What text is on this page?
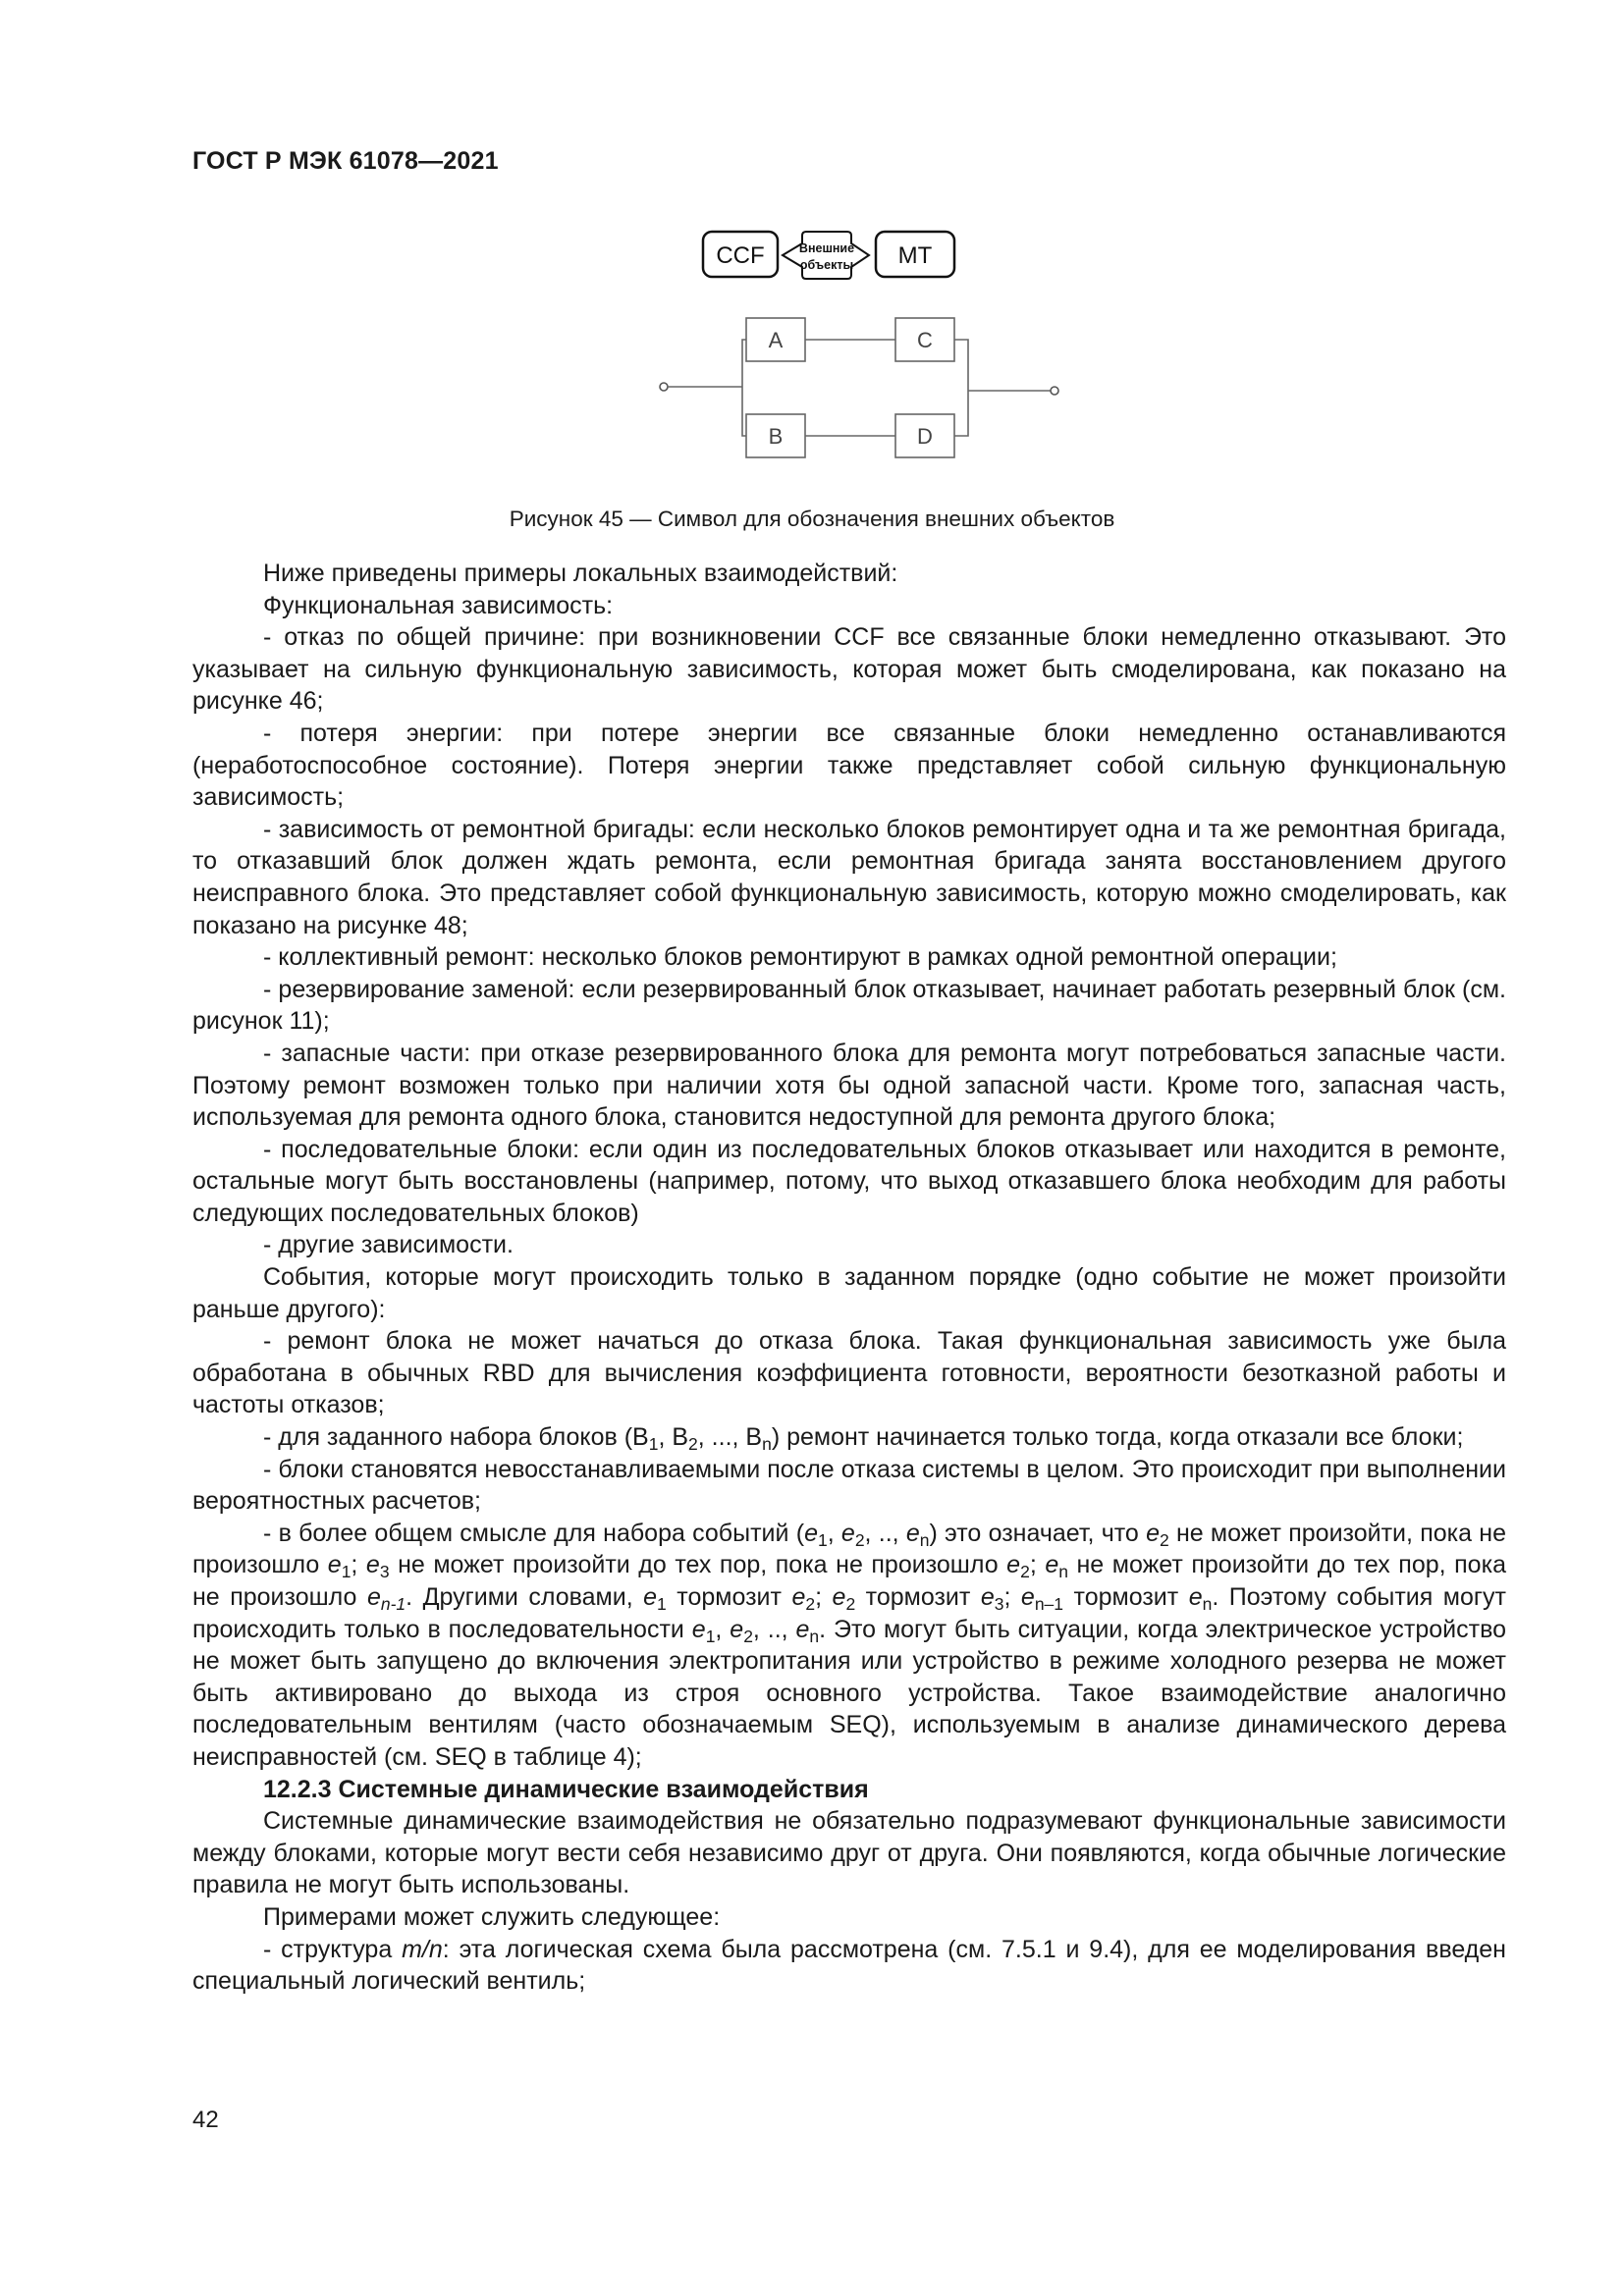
ГОСТ Р МЭК 61078—2021

CCF	Внешние
объекты MT
A	C
B	D

Рисунок 45 — Символ для обозначения внешних объектов

Ниже приведены примеры локальных взаимодействий:

Функциональная зависимость:

- отказ по общей причине: при возникновении CCF все связанные блоки немедленно отказывают. Это указывает на сильную функциональную зависимость, которая может быть смоделирована, как показано на рисунке 46;

- потеря энергии: при потере энергии все связанные блоки немедленно останавливаются (неработоспособное состояние). Потеря энергии также представляет собой сильную функциональную зависимость;

- зависимость от ремонтной бригады: если несколько блоков ремонтирует одна и та же ремонтная бригада, то отказавший блок должен ждать ремонта, если ремонтная бригада занята восстановлением другого неисправного блока. Это представляет собой функциональную зависимость, которую можно смоделировать, как показано на рисунке 48;

- коллективный ремонт: несколько блоков ремонтируют в рамках одной ремонтной операции;

- резервирование заменой: если резервированный блок отказывает, начинает работать резервный блок (см. рисунок 11);

- запасные части: при отказе резервированного блока для ремонта могут потребоваться запасные части. Поэтому ремонт возможен только при наличии хотя бы одной запасной части. Кроме того, запасная часть, используемая для ремонта одного блока, становится недоступной для ремонта другого блока;

- последовательные блоки: если один из последовательных блоков отказывает или находится в ремонте, остальные могут быть восстановлены (например, потому, что выход отказавшего блока необходим для работы следующих последовательных блоков)

- другие зависимости.

События, которые могут происходить только в заданном порядке (одно событие не может произойти раньше другого):

- ремонт блока не может начаться до отказа блока. Такая функциональная зависимость уже была обработана в обычных RBD для вычисления коэффициента готовности, вероятности безотказной работы и частоты отказов;

- для заданного набора блоков ($B_1$, $B_2$, ..., $B_n$) ремонт начинается только тогда, когда отказали все блоки;

- блоки становятся невосстанавливаемыми после отказа системы в целом. Это происходит при выполнении вероятностных расчетов;

- в более общем смысле для набора событий ($e_1$, $e_2$, .., $e_n$) это означает, что $e_2$ не может произойти, пока не произошло $e_1$; $e_3$ не может произойти до тех пор, пока не произошло $e_2$; $e_n$ не может произойти до тех пор, пока не произошло $e_{n-1}$. Другими словами, $e_1$ тормозит $e_2$; $e_2$ тормозит $e_3$; $e_{n-1}$ тормозит $e_n$. Поэтому события могут происходить только в последовательности $e_1$, $e_2$, .., $e_n$. Это могут быть ситуации, когда электрическое устройство не может быть запущено до включения электропитания или устройство в режиме холодного резерва не может быть активировано до выхода из строя основного устройства. Такое взаимодействие аналогично последовательным вентилям (часто обозначаемым SEQ), используемым в анализе динамического дерева неисправностей (см. SEQ в таблице 4);

12.2.3 Системные динамические взаимодействия

Системные динамические взаимодействия не обязательно подразумевают функциональные зависимости между блоками, которые могут вести себя независимо друг от друга. Они появляются, когда обычные логические правила не могут быть использованы.

Примерами может служить следующее:

- структура m/n: эта логическая схема была рассмотрена (см. 7.5.1 и 9.4), для ее моделирования введен специальный логический вентиль;

42
